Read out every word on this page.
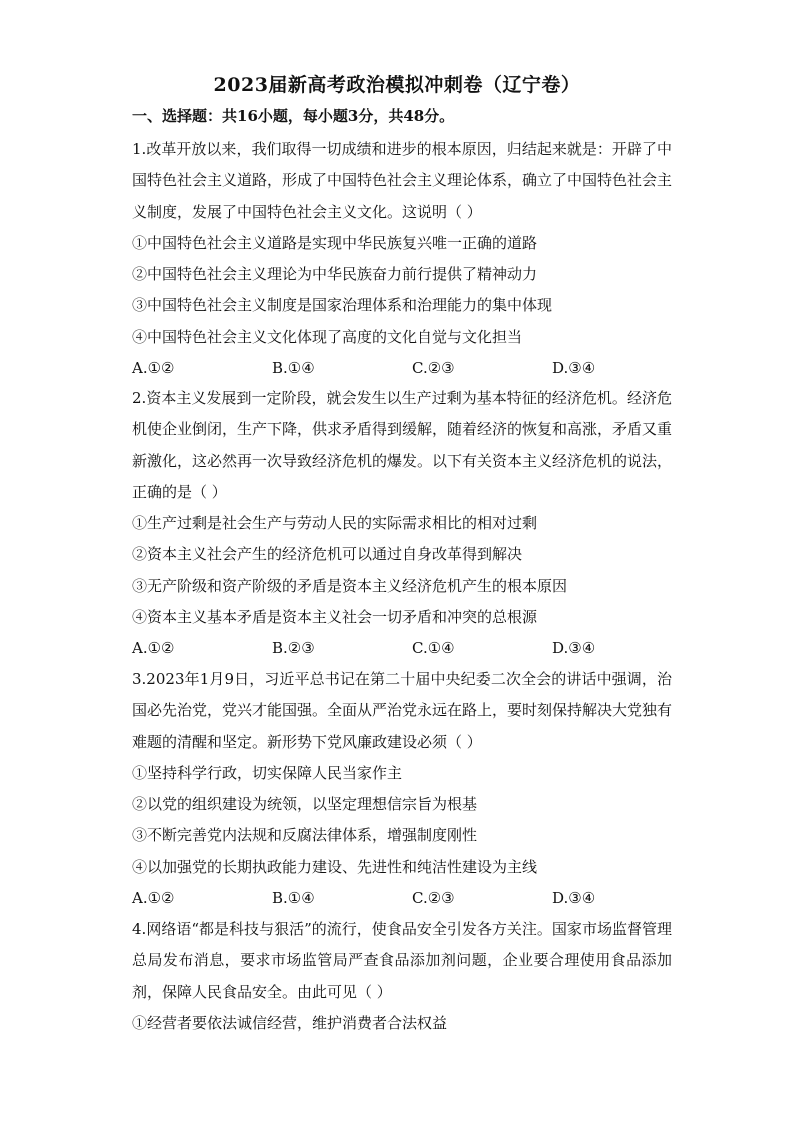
2023届新高考政治模拟冲刺卷（辽宁卷）
一、选择题：共16小题，每小题3分，共48分。

1.改革开放以来，我们取得一切成绩和进步的根本原因，归结起来就是：开辟了中国特色社会主义道路，形成了中国特色社会主义理论体系，确立了中国特色社会主义制度，发展了中国特色社会主义文化。这说明（ ）

①中国特色社会主义道路是实现中华民族复兴唯一正确的道路

②中国特色社会主义理论为中华民族奋力前行提供了精神动力

③中国特色社会主义制度是国家治理体系和治理能力的集中体现

④中国特色社会主义文化体现了高度的文化自觉与文化担当

A.①②	B.①④	C.②③	D.③④

2.资本主义发展到一定阶段，就会发生以生产过剩为基本特征的经济危机。经济危机使企业倒闭，生产下降，供求矛盾得到缓解，随着经济的恢复和高涨，矛盾又重新激化，这必然再一次导致经济危机的爆发。以下有关资本主义经济危机的说法，正确的是（ ）

①生产过剩是社会生产与劳动人民的实际需求相比的相对过剩

②资本主义社会产生的经济危机可以通过自身改革得到解决

③无产阶级和资产阶级的矛盾是资本主义经济危机产生的根本原因

④资本主义基本矛盾是资本主义社会一切矛盾和冲突的总根源

A.①②	B.②③	C.①④	D.③④

3.2023年1月9日，习近平总书记在第二十届中央纪委二次全会的讲话中强调，治国必先治党，党兴才能国强。全面从严治党永远在路上，要时刻保持解决大党独有难题的清醒和坚定。新形势下党风廉政建设必须（ ）

①坚持科学行政，切实保障人民当家作主

②以党的组织建设为统领，以坚定理想信宗旨为根基

③不断完善党内法规和反腐法律体系，增强制度刚性

④以加强党的长期执政能力建设、先进性和纯洁性建设为主线

A.①②	B.①④	C.②③	D.③④

4.网络语“都是科技与狠活”的流行，使食品安全引发各方关注。国家市场监督管理总局发布消息，要求市场监管局严查食品添加剂问题，企业要合理使用食品添加剂，保障人民食品安全。由此可见（ ）

①经营者要依法诚信经营，维护消费者合法权益
